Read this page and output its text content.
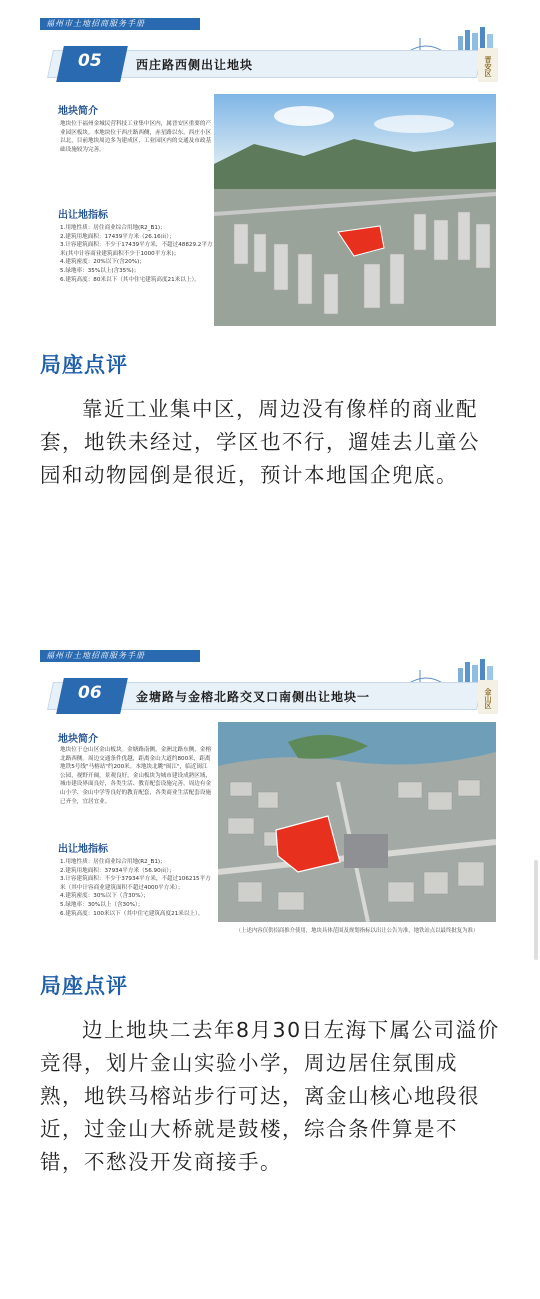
福州市土地招商服务手册
05	西庄路西侧出让地块	晋安区
地块简介

地块位于福州金城民营科技工业集中区内，属晋安区重要的产业园区板块。本地块位于西庄路西侧，赤星路以东，西庄小区以北，目前地块周边多为建成区，工业园区内的交通及市政基础设施较为完善。

出让地指标
1.用地性质：居住商业综合用地(R2_B1)；
2.建筑用地面积：17439平方米（26.16亩）；
3.计容建筑面积：不少于17439平方米，不超过48829.2平方米(其中计容商业建筑面积不少于1000平方米)；
4.建筑密度：20%以下(含20%)；
5.绿地率：35%以上(含35%)；
6.建筑高度：80米以下（其中住宅建筑高度21米以上）。
局座点评

靠近工业集中区，周边没有像样的商业配套，地铁未经过，学区也不行，遛娃去儿童公园和动物园倒是很近，预计本地国企兜底。

福州市土地招商服务手册
06	金塘路与金榕北路交叉口南侧出让地块一	金山区
地块简介

地块位于仓山区金山板块。金塘路南侧，金洲北路东侧，金榕北路西侧。周边交通条件优越，距离金山大道约800米，距离地铁5号线"马榕站"约200米。本地块北眺"闽江"，临近闽江公园，视野开阔，景观良好。金山板块为城市建设成熟区域，城市建设界面良好，各类生活、教育配套设施完善，周边有金山小学、金山中学等良好的教育配套，各类商业生活配套设施已齐全，宜居宜业。

出让地指标
1.用地性质：居住商业综合用地(R2_B1)；
2.建筑用地面积：37934平方米（56.90亩）；
3.计容建筑面积：不少于37934平方米，不超过106215平方米（其中计容商业建筑面积不超过4000平方米）；
4.建筑密度：30%以下（含30%）；
5.绿地率：30%以上（含30%）；
6.建筑高度：100米以下（其中住宅建筑高度21米以上）。
（上述内容仅供招商推介使用，地块具体范围及规划指标以出让公告为准，地铁站点以最终批复为准）
局座点评

边上地块二去年8月30日左海下属公司溢价竞得，划片金山实验小学，周边居住氛围成熟，地铁马榕站步行可达，离金山核心地段很近，过金山大桥就是鼓楼，综合条件算是不错，不愁没开发商接手。
